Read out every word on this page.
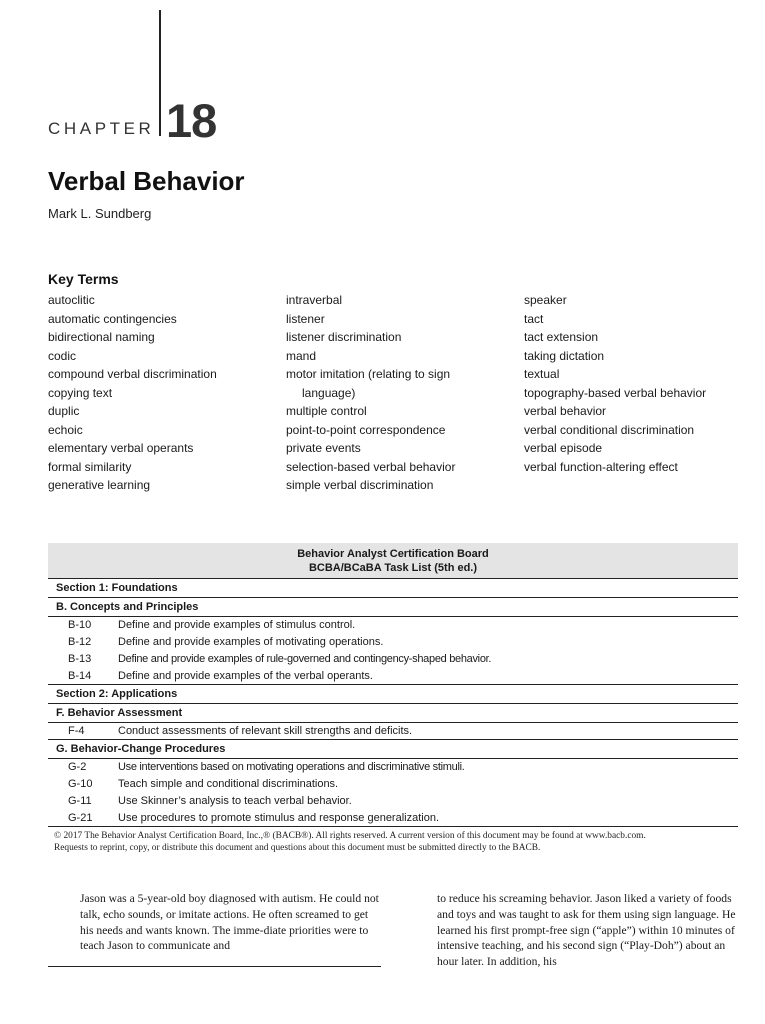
CHAPTER 18
Verbal Behavior
Mark L. Sundberg
Key Terms
autoclitic
automatic contingencies
bidirectional naming
codic
compound verbal discrimination
copying text
duplic
echoic
elementary verbal operants
formal similarity
generative learning
intraverbal
listener
listener discrimination
mand
motor imitation (relating to sign
language)
multiple control
point-to-point correspondence
private events
selection-based verbal behavior
simple verbal discrimination
speaker
tact
tact extension
taking dictation
textual
topography-based verbal behavior
verbal behavior
verbal conditional discrimination
verbal episode
verbal function-altering effect
Behavior Analyst Certification Board
BCBA/BCaBA Task List (5th ed.)
Section 1: Foundations
B. Concepts and Principles
B-10	Define and provide examples of stimulus control.
B-12	Define and provide examples of motivating operations.
B-13	Define and provide examples of rule-governed and contingency-shaped behavior.
B-14	Define and provide examples of the verbal operants.
Section 2: Applications
F. Behavior Assessment
F-4	Conduct assessments of relevant skill strengths and deficits.
G. Behavior-Change Procedures
G-2	Use interventions based on motivating operations and discriminative stimuli.
G-10	Teach simple and conditional discriminations.
G-11	Use Skinner’s analysis to teach verbal behavior.
G-21	Use procedures to promote stimulus and response generalization.
© 2017 The Behavior Analyst Certification Board, Inc.,® (BACB®). All rights reserved. A current version of this document may be found at www.bacb.com.
Requests to reprint, copy, or distribute this document and questions about this document must be submitted directly to the BACB.

Jason was a 5-year-old boy diagnosed with autism. He could not talk, echo sounds, or imitate actions. He often screamed to get his needs and wants known. The imme-diate priorities were to teach Jason to communicate and

to reduce his screaming behavior. Jason liked a variety of foods and toys and was taught to ask for them using sign language. He learned his first prompt-free sign (“apple”) within 10 minutes of intensive teaching, and his second sign (“Play-Doh”) about an hour later. In addition, his
